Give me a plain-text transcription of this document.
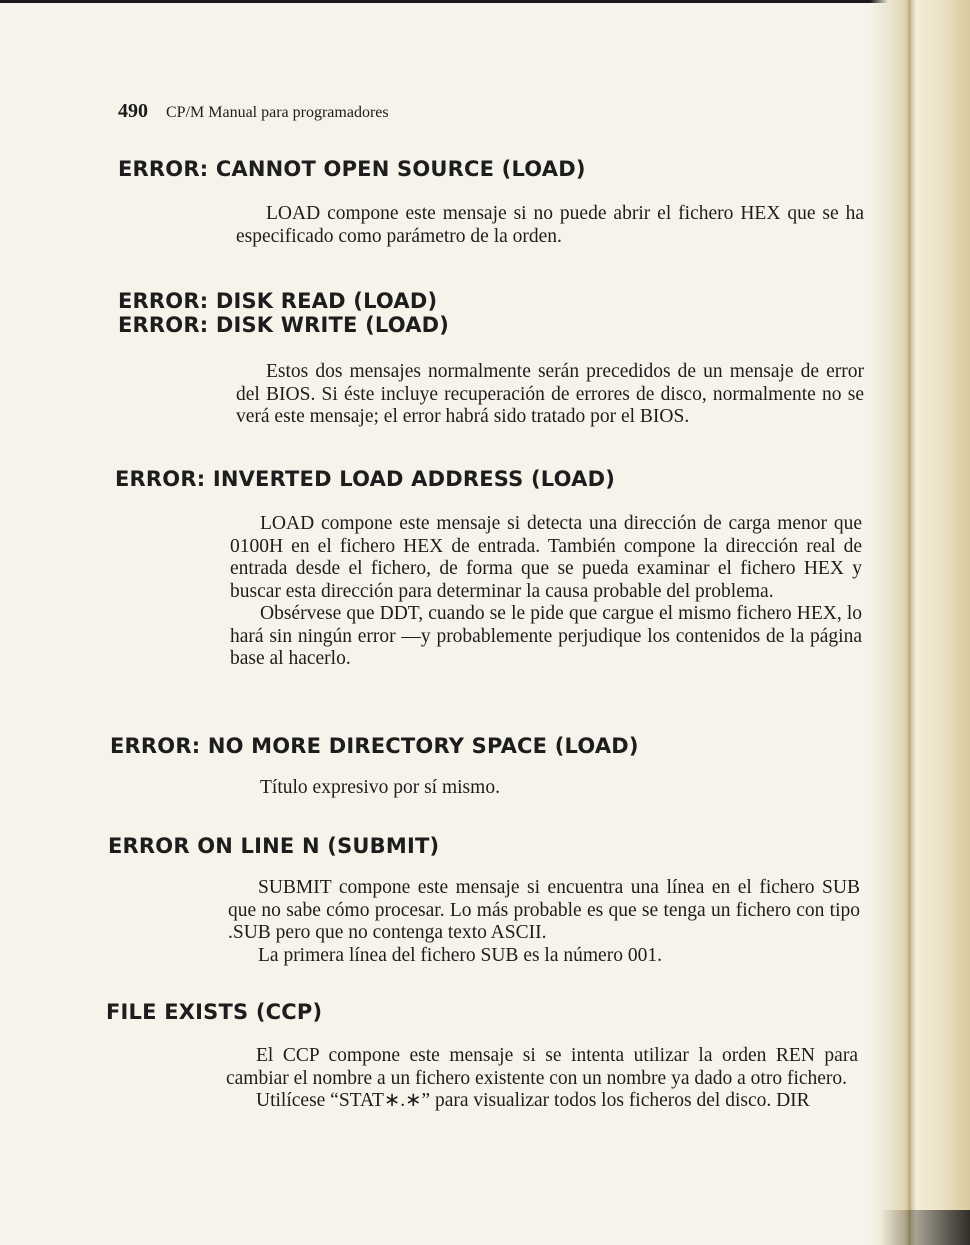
490 CP/M Manual para programadores
ERROR: CANNOT OPEN SOURCE (LOAD)

LOAD compone este mensaje si no puede abrir el fichero HEX que se ha especificado como parámetro de la orden.

ERROR: DISK READ (LOAD)
ERROR: DISK WRITE (LOAD)

Estos dos mensajes normalmente serán precedidos de un mensaje de error del BIOS. Si éste incluye recuperación de errores de disco, normalmente no se verá este mensaje; el error habrá sido tratado por el BIOS.

ERROR: INVERTED LOAD ADDRESS (LOAD)

LOAD compone este mensaje si detecta una dirección de carga menor que 0100H en el fichero HEX de entrada. También compone la dirección real de entrada desde el fichero, de forma que se pueda examinar el fichero HEX y buscar esta dirección para determinar la causa probable del problema.

Obsérvese que DDT, cuando se le pide que cargue el mismo fichero HEX, lo hará sin ningún error —y probablemente perjudique los contenidos de la página base al hacerlo.

ERROR: NO MORE DIRECTORY SPACE (LOAD)

Título expresivo por sí mismo.

ERROR ON LINE N (SUBMIT)

SUBMIT compone este mensaje si encuentra una línea en el fichero SUB que no sabe cómo procesar. Lo más probable es que se tenga un fichero con tipo .SUB pero que no contenga texto ASCII.

La primera línea del fichero SUB es la número 001.

FILE EXISTS (CCP)

El CCP compone este mensaje si se intenta utilizar la orden REN para cambiar el nombre a un fichero existente con un nombre ya dado a otro fichero.

Utilícese “STAT∗.∗” para visualizar todos los ficheros del disco. DIR
